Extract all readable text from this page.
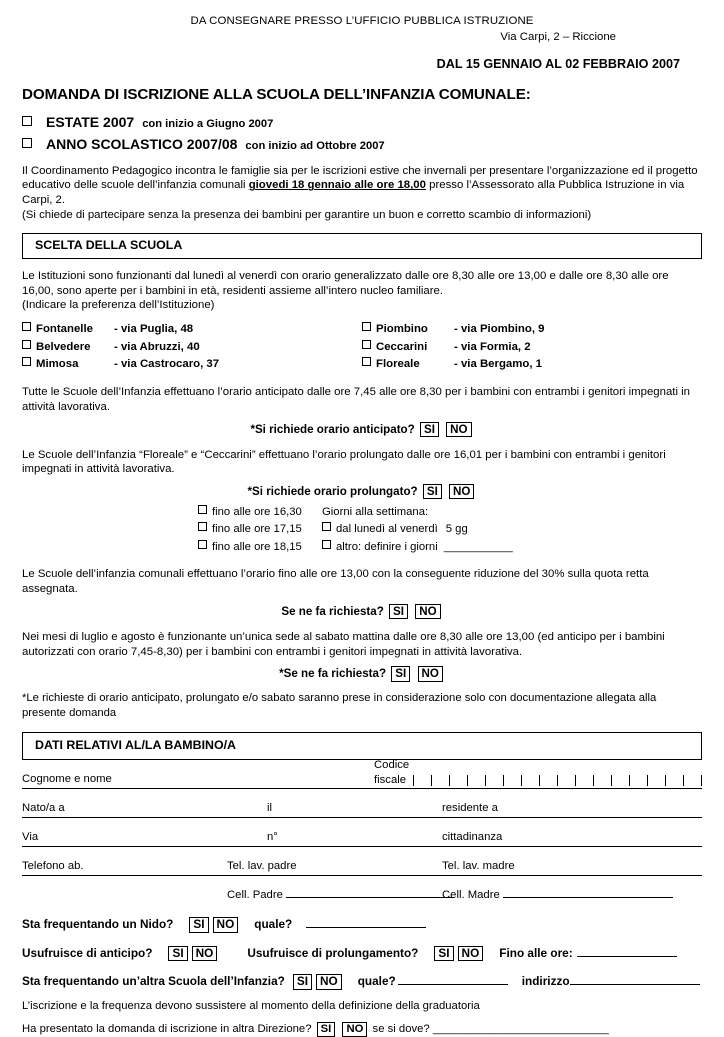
DA CONSEGNARE PRESSO L’UFFICIO PUBBLICA ISTRUZIONE
Via Carpi, 2 – Riccione
DAL 15 GENNAIO AL 02 FEBBRAIO 2007
DOMANDA DI ISCRIZIONE ALLA SCUOLA DELL’INFANZIA COMUNALE:
ESTATE 2007 con inizio a Giugno 2007
ANNO SCOLASTICO 2007/08 con inizio ad Ottobre 2007

Il Coordinamento Pedagogico incontra le famiglie sia per le iscrizioni estive che invernali per presentare l’organizzazione ed il progetto educativo delle scuole dell’infanzia comunali giovedi 18 gennaio alle ore 18,00 presso l’Assessorato alla Pubblica Istruzione in via Carpi, 2.
(Si chiede di partecipare senza la presenza dei bambini per garantire un buon e corretto scambio di informazioni)

SCELTA DELLA SCUOLA

Le Istituzioni sono funzionanti dal lunedì al venerdì con orario generalizzato dalle ore 8,30 alle ore 13,00 e dalle ore 8,30 alle ore 16,00, sono aperte per i bambini in età, residenti assieme all’intero nucleo familiare.
(Indicare la preferenza dell’Istituzione)

Fontanelle	- via Puglia, 48
Belvedere	- via Abruzzi, 40
Mimosa	- via Castrocaro, 37
Piombino	- via Piombino, 9
Ceccarini	- via Formia, 2
Floreale	- via Bergamo, 1

Tutte le Scuole dell’Infanzia effettuano l’orario anticipato dalle ore 7,45 alle ore 8,30 per i bambini con entrambi i genitori impegnati in attività lavorativa.

*Si richiede orario anticipato? SI NO

Le Scuole dell’Infanzia “Floreale” e “Ceccarini” effettuano l’orario prolungato dalle ore 16,01 per i bambini con entrambi i genitori impegnati in attività lavorativa.

*Si richiede orario prolungato? SI NO
fino alle ore 16,30
fino alle ore 17,15
fino alle ore 18,15
Giorni alla settimana:
dal lunedì al venerdì 5 gg
altro: definire i giorni ___________

Le Scuole dell’infanzia comunali effettuano l’orario fino alle ore 13,00 con la conseguente riduzione del 30% sulla quota retta assegnata.

Se ne fa richiesta? SI NO

Nei mesi di luglio e agosto è funzionante un’unica sede al sabato mattina dalle ore 8,30 alle ore 13,00 (ed anticipo per i bambini autorizzati con orario 7,45-8,30) per i bambini con entrambi i genitori impegnati in attività lavorativa.

*Se ne fa richiesta? SI NO

*Le richieste di orario anticipato, prolungato e/o sabato saranno prese in considerazione solo con documentazione allegata alla presente domanda

DATI RELATIVI AL/LA BAMBINO/A
Cognome e nome
Codice fiscale
Nato/a a	il	residente a
Via	n°	cittadinanza
Telefono ab.	Tel. lav. padre	Tel. lav. madre
Cell. Padre	Cell. Madre
Sta frequentando un Nido?	SI	NO	quale?
Usufruisce di anticipo?	SI	NO	Usufruisce di prolungamento?	SI	NO	Fino alle ore:
Sta frequentando un’altra Scuola dell’Infanzia?	SI	NO	quale?	indirizzo
L’iscrizione e la frequenza devono sussistere al momento della definizione della graduatoria
Ha presentato la domanda di iscrizione in altra Direzione? SI NO se si dove? ____________________________
